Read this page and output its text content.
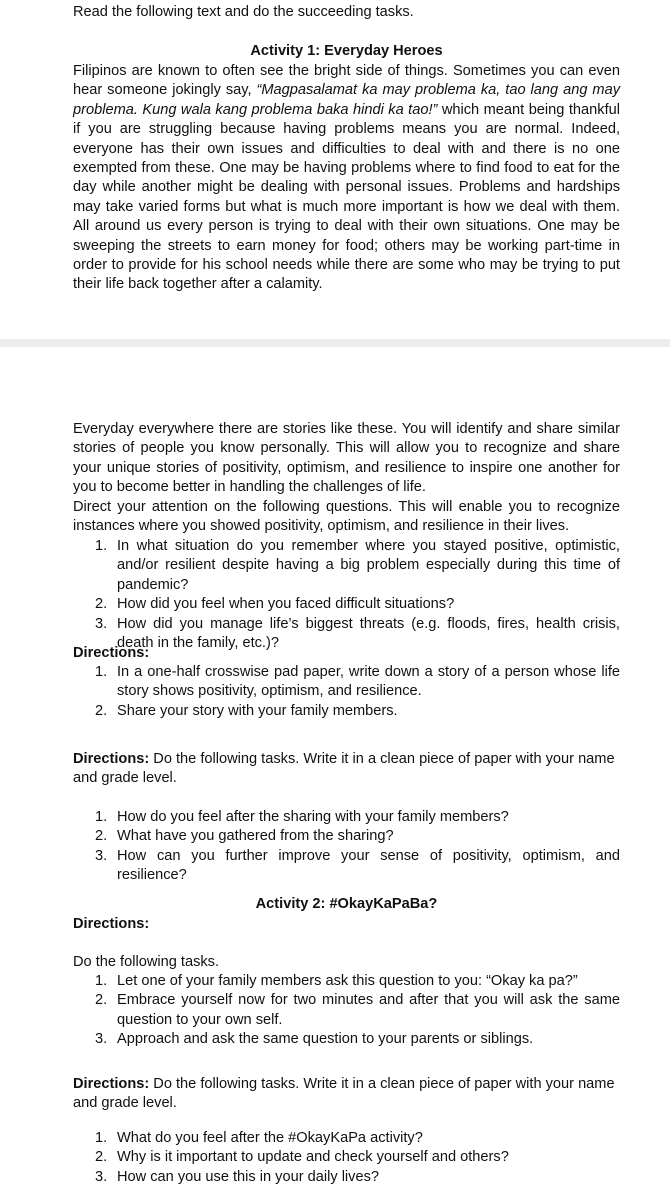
Read the following text and do the succeeding tasks.

Activity 1: Everyday Heroes

Filipinos are known to often see the bright side of things. Sometimes you can even hear someone jokingly say, “Magpasalamat ka may problema ka, tao lang ang may problema. Kung wala kang problema baka hindi ka tao!” which meant being thankful if you are struggling because having problems means you are normal. Indeed, everyone has their own issues and difficulties to deal with and there is no one exempted from these. One may be having problems where to find food to eat for the day while another might be dealing with personal issues. Problems and hardships may take varied forms but what is much more important is how we deal with them. All around us every person is trying to deal with their own situations. One may be sweeping the streets to earn money for food; others may be working part-time in order to provide for his school needs while there are some who may be trying to put their life back together after a calamity.

Everyday everywhere there are stories like these. You will identify and share similar stories of people you know personally. This will allow you to recognize and share your unique stories of positivity, optimism, and resilience to inspire one another for you to become better in handling the challenges of life.

Direct your attention on the following questions. This will enable you to recognize instances where you showed positivity, optimism, and resilience in their lives.

1. In what situation do you remember where you stayed positive, optimistic, and/or resilient despite having a big problem especially during this time of pandemic?
2. How did you feel when you faced difficult situations?
3. How did you manage life’s biggest threats (e.g. floods, fires, health crisis, death in the family, etc.)?

Directions:

1. In a one-half crosswise pad paper, write down a story of a person whose life story shows positivity, optimism, and resilience.
2. Share your story with your family members.

Directions: Do the following tasks. Write it in a clean piece of paper with your name and grade level.

1. How do you feel after the sharing with your family members?
2. What have you gathered from the sharing?
3. How can you further improve your sense of positivity, optimism, and resilience?

Activity 2: #OkayKaPaBa?

Directions:

Do the following tasks.

1. Let one of your family members ask this question to you: “Okay ka pa?”
2. Embrace yourself now for two minutes and after that you will ask the same question to your own self.
3. Approach and ask the same question to your parents or siblings.

Directions: Do the following tasks. Write it in a clean piece of paper with your name and grade level.

1. What do you feel after the #OkayKaPa activity?
2. Why is it important to update and check yourself and others?
3. How can you use this in your daily lives?
